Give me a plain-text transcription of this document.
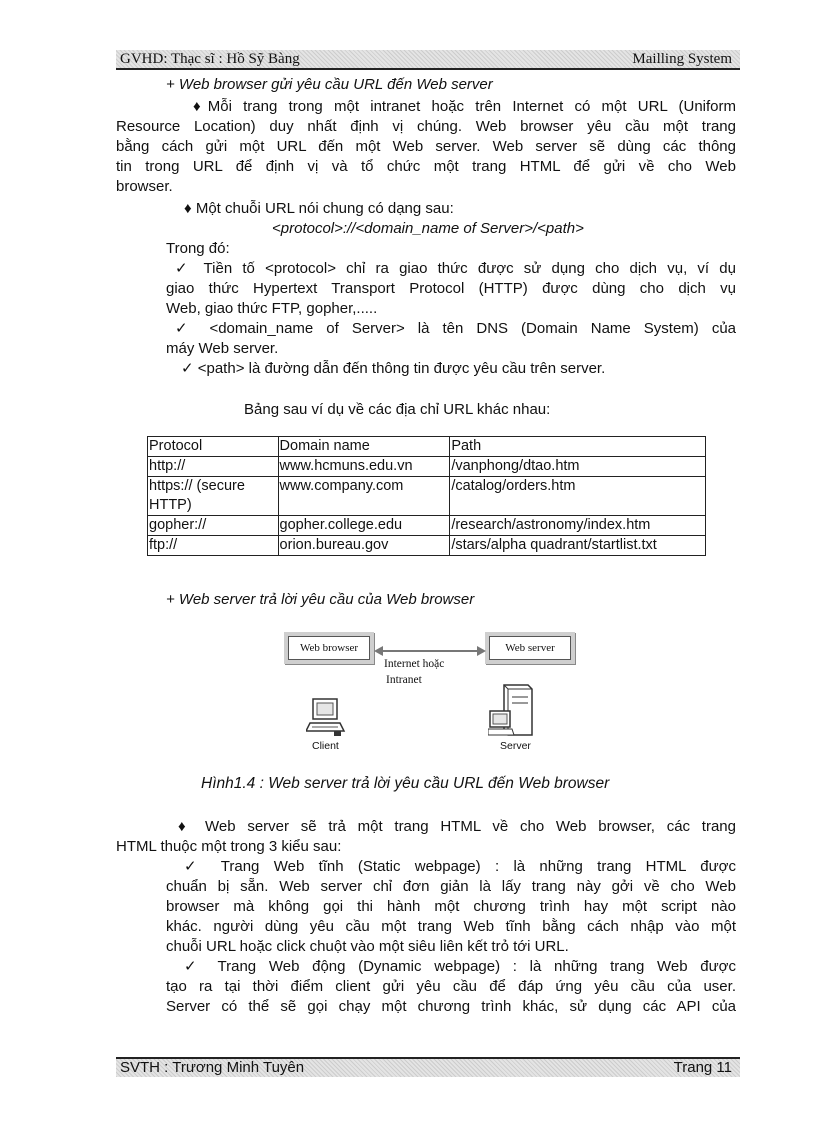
GVHD: Thạc sĩ : Hồ Sỹ Bàng	Mailling System
+ Web browser gửi yêu cầu URL đến Web server
♦Mỗi trang trong một intranet hoặc trên Internet có một URL (Uniform
Resource Location) duy nhất định vị chúng. Web browser yêu cầu một trang
bằng cách gửi một URL đến một Web server. Web server sẽ dùng các thông
tin trong URL để định vị và tổ chức một trang HTML để gửi về cho Web
browser.
♦ Một chuỗi URL nói chung có dạng sau:
<protocol>://<domain_name of Server>/<path>
Trong đó:
✓ Tiền tố <protocol> chỉ ra giao thức được sử dụng cho dịch vụ, ví dụ
giao thức Hypertext Transport Protocol (HTTP) được dùng cho dịch vụ
Web, giao thức FTP, gopher,.....
✓ <domain_name of Server> là tên DNS (Domain Name System) của
máy Web server.
✓ <path> là đường dẫn đến thông tin được yêu cầu trên server.
Bảng sau ví dụ về các địa chỉ URL khác nhau:
Protocol	Domain name	Path
http://	www.hcmuns.edu.vn	/vanphong/dtao.htm
https:// (secure HTTP)	www.company.com	/catalog/orders.htm
gopher://	gopher.college.edu	/research/astronomy/index.htm
ftp://	orion.bureau.gov	/stars/alpha quadrant/startlist.txt
+ Web server trả lời yêu cầu của Web browser
Web browser	Web server
Internet hoặc
Intranet
Client	Server
Hình1.4 : Web server trả lời yêu cầu URL đến Web browser
♦ Web server sẽ trả một trang HTML về cho Web browser, các trang
HTML thuộc một trong 3 kiểu sau:
✓ Trang Web tĩnh (Static webpage) : là những trang HTML được
chuẩn bị sẵn. Web server chỉ đơn giản là lấy trang này gởi về cho Web
browser mà không gọi thi hành một chương trình hay một script nào
khác. người dùng yêu cầu một trang Web tĩnh bằng cách nhập vào một
chuỗi URL hoặc click chuột vào một siêu liên kết trỏ tới URL.
✓ Trang Web động (Dynamic webpage) : là những trang Web được
tạo ra tại thời điểm client gửi yêu cầu để đáp ứng yêu cầu của user.
Server có thể sẽ gọi chạy một chương trình khác, sử dụng các API của
SVTH : Trương Minh Tuyên	Trang 11
